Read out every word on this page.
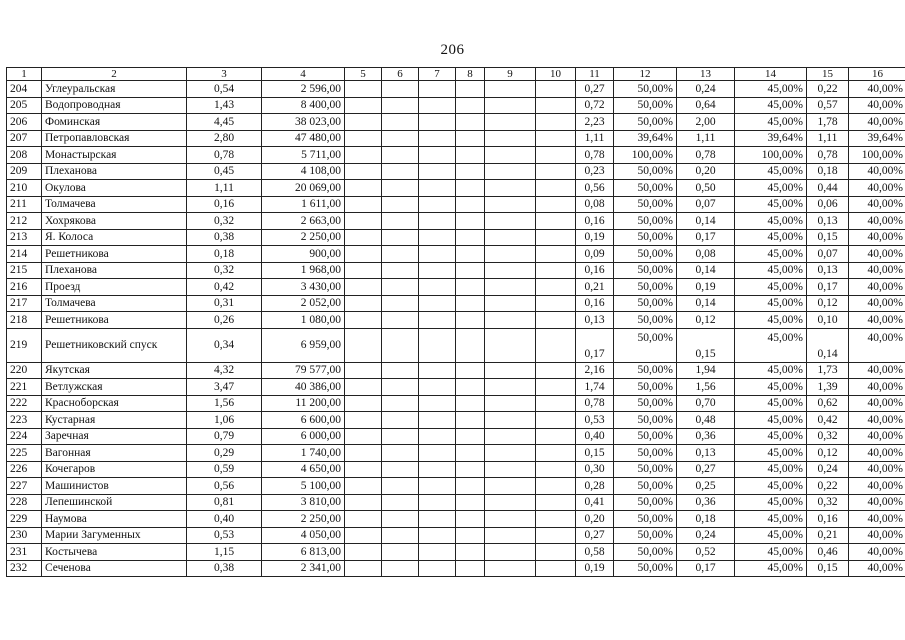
206
1	2	3	4	5	6	7	8	9	10	11	12	13	14	15	16
204	Углеуральская	0,54	2 596,00							0,27	50,00%	0,24	45,00%	0,22	40,00%
205	Водопроводная	1,43	8 400,00							0,72	50,00%	0,64	45,00%	0,57	40,00%
206	Фоминская	4,45	38 023,00							2,23	50,00%	2,00	45,00%	1,78	40,00%
207	Петропавловская	2,80	47 480,00							1,11	39,64%	1,11	39,64%	1,11	39,64%
208	Монастырская	0,78	5 711,00							0,78	100,00%	0,78	100,00%	0,78	100,00%
209	Плеханова	0,45	4 108,00							0,23	50,00%	0,20	45,00%	0,18	40,00%
210	Окулова	1,11	20 069,00							0,56	50,00%	0,50	45,00%	0,44	40,00%
211	Толмачева	0,16	1 611,00							0,08	50,00%	0,07	45,00%	0,06	40,00%
212	Хохрякова	0,32	2 663,00							0,16	50,00%	0,14	45,00%	0,13	40,00%
213	Я. Колоса	0,38	2 250,00							0,19	50,00%	0,17	45,00%	0,15	40,00%
214	Решетникова	0,18	900,00							0,09	50,00%	0,08	45,00%	0,07	40,00%
215	Плеханова	0,32	1 968,00							0,16	50,00%	0,14	45,00%	0,13	40,00%
216	Проезд	0,42	3 430,00							0,21	50,00%	0,19	45,00%	0,17	40,00%
217	Толмачева	0,31	2 052,00							0,16	50,00%	0,14	45,00%	0,12	40,00%
218	Решетникова	0,26	1 080,00							0,13	50,00%	0,12	45,00%	0,10	40,00%
219	Решетниковский спуск	0,34	6 959,00							0,17	50,00%	0,15	45,00%	0,14	40,00%
220	Якутская	4,32	79 577,00							2,16	50,00%	1,94	45,00%	1,73	40,00%
221	Ветлужская	3,47	40 386,00							1,74	50,00%	1,56	45,00%	1,39	40,00%
222	Красноборская	1,56	11 200,00							0,78	50,00%	0,70	45,00%	0,62	40,00%
223	Кустарная	1,06	6 600,00							0,53	50,00%	0,48	45,00%	0,42	40,00%
224	Заречная	0,79	6 000,00							0,40	50,00%	0,36	45,00%	0,32	40,00%
225	Вагонная	0,29	1 740,00							0,15	50,00%	0,13	45,00%	0,12	40,00%
226	Кочегаров	0,59	4 650,00							0,30	50,00%	0,27	45,00%	0,24	40,00%
227	Машинистов	0,56	5 100,00							0,28	50,00%	0,25	45,00%	0,22	40,00%
228	Лепешинской	0,81	3 810,00							0,41	50,00%	0,36	45,00%	0,32	40,00%
229	Наумова	0,40	2 250,00							0,20	50,00%	0,18	45,00%	0,16	40,00%
230	Марии Загуменных	0,53	4 050,00							0,27	50,00%	0,24	45,00%	0,21	40,00%
231	Костычева	1,15	6 813,00							0,58	50,00%	0,52	45,00%	0,46	40,00%
232	Сеченова	0,38	2 341,00							0,19	50,00%	0,17	45,00%	0,15	40,00%
